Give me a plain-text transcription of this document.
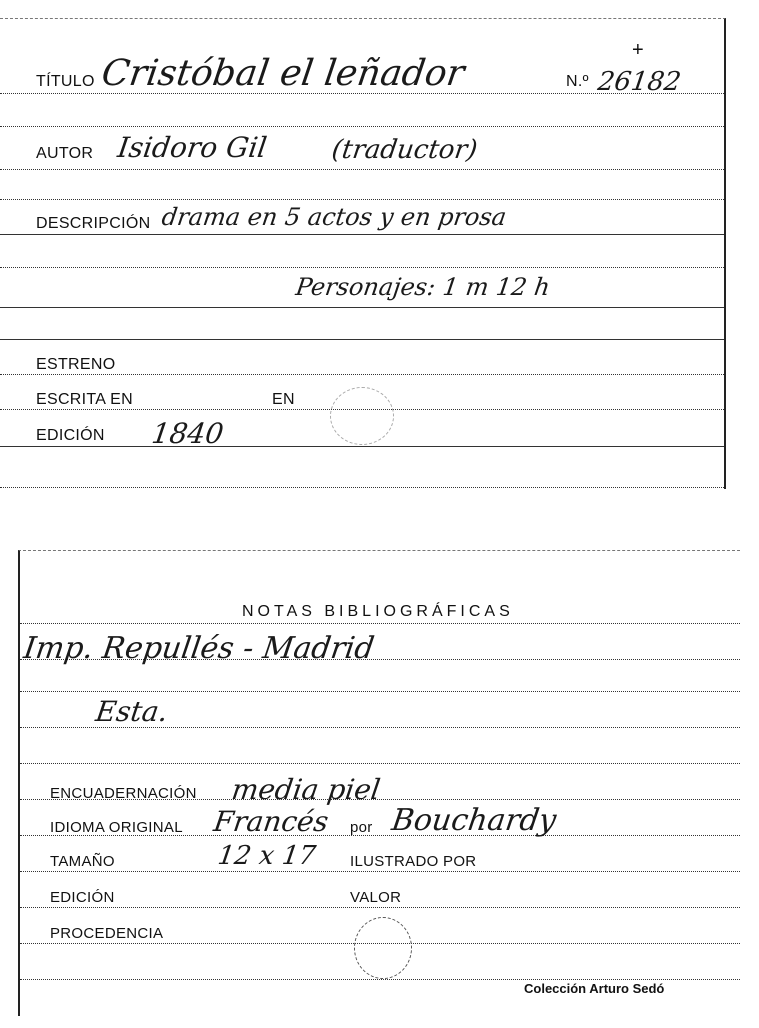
TÍTULO Cristóbal el leñador	N.º 26182
+
AUTOR Isidoro Gil (traductor)
DESCRIPCIÓN drama en 5 actos y en prosa
Personajes: 1 m 12 h
ESTRENO
ESCRITA EN	EN
EDICIÓN 1840
NOTAS BIBLIOGRÁFICAS
Imp. Repullés - Madrid
Esta.
ENCUADERNACIÓN media piel
IDIOMA ORIGINAL Francés por Bouchardy
TAMAÑO	12 x 17 ILUSTRADO POR
EDICIÓN	VALOR
PROCEDENCIA
Colección Arturo Sedó
